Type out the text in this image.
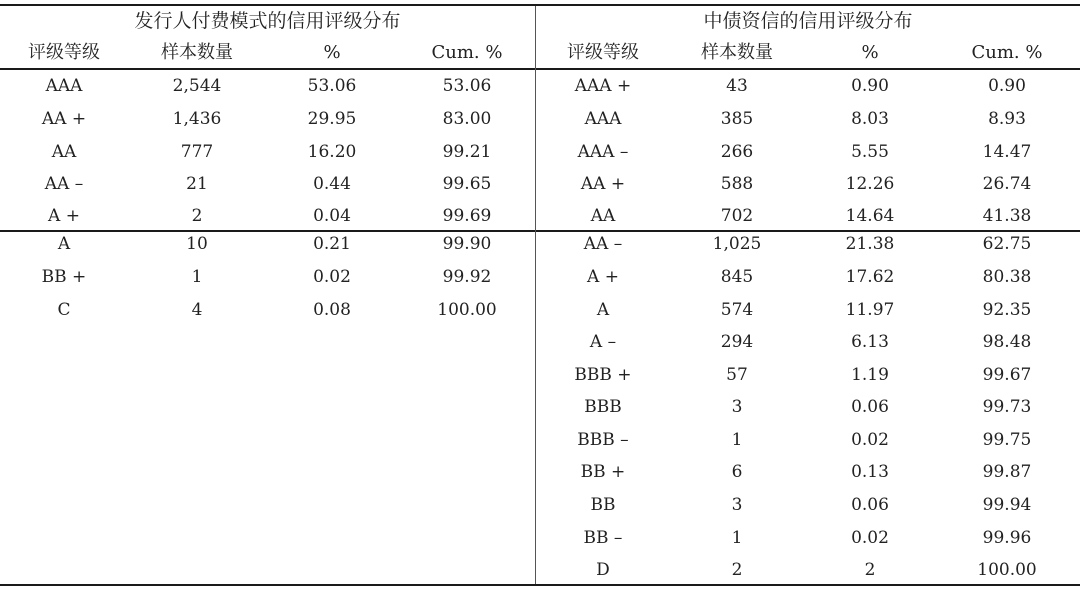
发行人付费模式的信用评级分布	中债资信的信用评级分布
评级等级	样本数量	%	Cum. %
AAA	2,544	53.06	53.06
AA +	1,436	29.95	83.00
AA	777	16.20	99.21
AA –	21	0.44	99.65
A +	2	0.04	99.69
A	10	0.21	99.90
BB +	1	0.02	99.92
C	4	0.08	100.00
评级等级	样本数量	%	Cum. %
AAA +	43	0.90	0.90
AAA	385	8.03	8.93
AAA –	266	5.55	14.47
AA +	588	12.26	26.74
AA	702	14.64	41.38
AA –	1,025	21.38	62.75
A +	845	17.62	80.38
A	574	11.97	92.35
A –	294	6.13	98.48
BBB +	57	1.19	99.67
BBB	3	0.06	99.73
BBB –	1	0.02	99.75
BB +	6	0.13	99.87
BB	3	0.06	99.94
BB –	1	0.02	99.96
D	2	2	100.00
